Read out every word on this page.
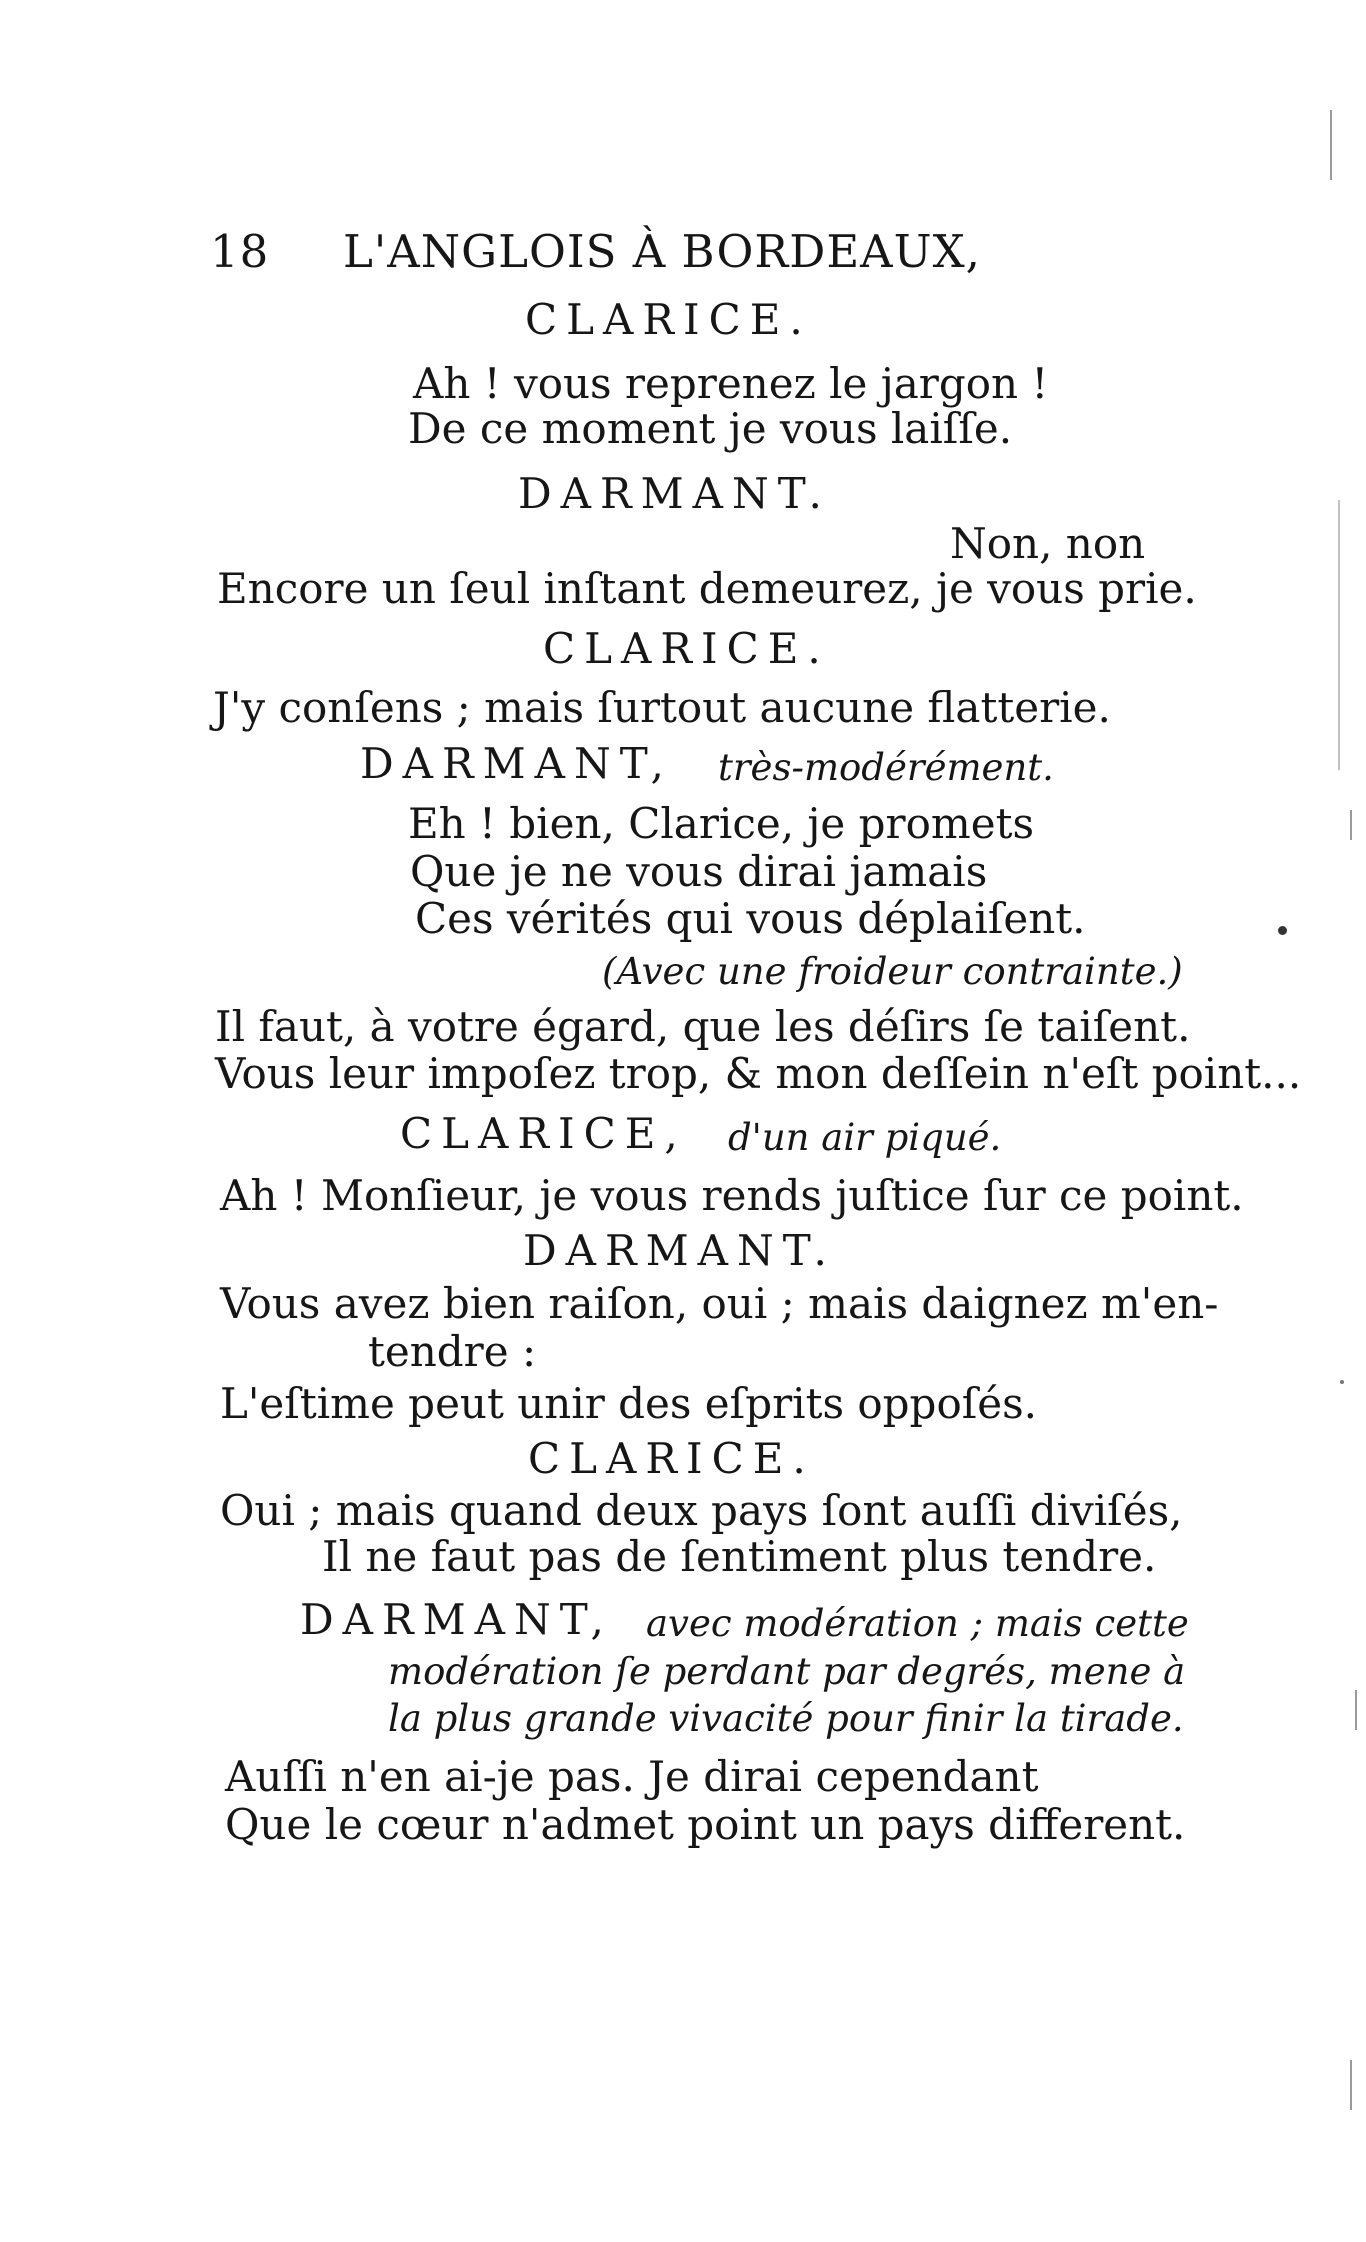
18 L'ANGLOIS À BORDEAUX,
CLARICE.
Ah ! vous reprenez le jargon !
De ce moment je vous laiſſe.
DARMANT.
Non, non
Encore un ſeul inſtant demeurez, je vous prie.
CLARICE.
J'y conſens ; mais ſurtout aucune flatterie.
DARMANT, très-modérément.
Eh ! bien, Clarice, je promets
Que je ne vous dirai jamais
Ces vérités qui vous déplaiſent.
(Avec une froideur contrainte.)
Il faut, à votre égard, que les déſirs ſe taiſent.
Vous leur impoſez trop, & mon deſſein n'eſt point...
CLARICE, d'un air piqué.
Ah ! Monſieur, je vous rends juſtice ſur ce point.
DARMANT.
Vous avez bien raiſon, oui ; mais daignez m'en-
tendre :
L'eſtime peut unir des eſprits oppoſés.
CLARICE.
Oui ; mais quand deux pays ſont auſſi diviſés,
Il ne faut pas de ſentiment plus tendre.
DARMANT, avec modération ; mais cette
modération ſe perdant par degrés, mene à
la plus grande vivacité pour finir la tirade.
Auſſi n'en ai-je pas. Je dirai cependant
Que le cœur n'admet point un pays different.
